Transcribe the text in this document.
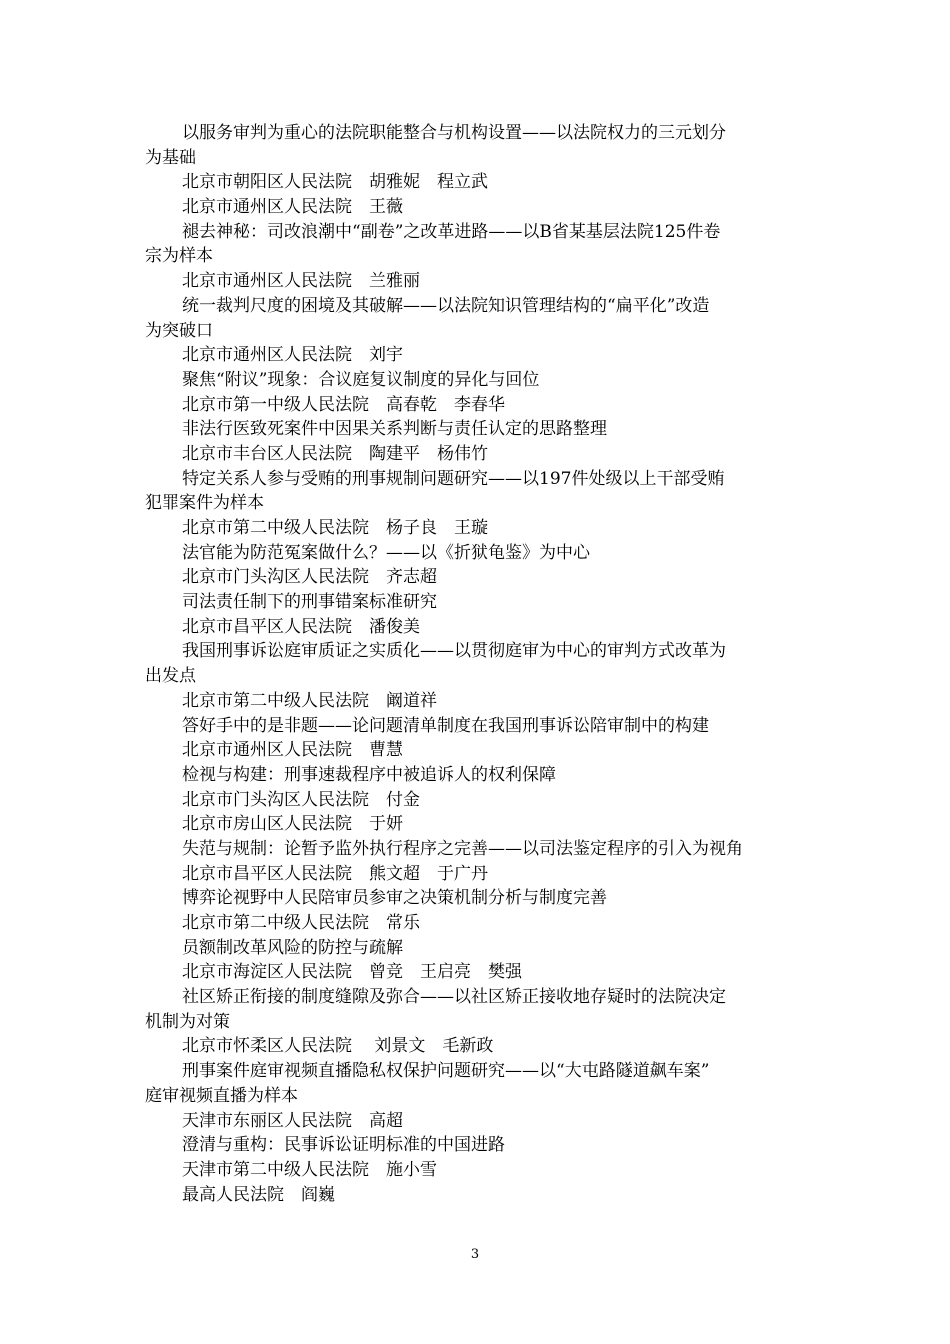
以服务审判为重心的法院职能整合与机构设置——以法院权力的三元划分
为基础
北京市朝阳区人民法院　胡雅妮　程立武
北京市通州区人民法院　王薇
褪去神秘：司改浪潮中“副卷”之改革进路——以B省某基层法院125件卷
宗为样本
北京市通州区人民法院　兰雅丽
统一裁判尺度的困境及其破解——以法院知识管理结构的“扁平化”改造
为突破口
北京市通州区人民法院　刘宇
聚焦“附议”现象：合议庭复议制度的异化与回位
北京市第一中级人民法院　高春乾　李春华
非法行医致死案件中因果关系判断与责任认定的思路整理
北京市丰台区人民法院　陶建平　杨伟竹
特定关系人参与受贿的刑事规制问题研究——以197件处级以上干部受贿
犯罪案件为样本
北京市第二中级人民法院　杨子良　王璇
法官能为防范冤案做什么？——以《折狱龟鉴》为中心
北京市门头沟区人民法院　齐志超
司法责任制下的刑事错案标准研究
北京市昌平区人民法院　潘俊美
我国刑事诉讼庭审质证之实质化——以贯彻庭审为中心的审判方式改革为
出发点
北京市第二中级人民法院　阚道祥
答好手中的是非题——论问题清单制度在我国刑事诉讼陪审制中的构建
北京市通州区人民法院　曹慧
检视与构建：刑事速裁程序中被追诉人的权利保障
北京市门头沟区人民法院　付金
北京市房山区人民法院　于妍
失范与规制：论暂予监外执行程序之完善——以司法鉴定程序的引入为视角
北京市昌平区人民法院　熊文超　于广丹
博弈论视野中人民陪审员参审之决策机制分析与制度完善
北京市第二中级人民法院　常乐
员额制改革风险的防控与疏解
北京市海淀区人民法院　曾竞　王启亮　樊强
社区矫正衔接的制度缝隙及弥合——以社区矫正接收地存疑时的法院决定
机制为对策
北京市怀柔区人民法院　 刘景文　毛新政
刑事案件庭审视频直播隐私权保护问题研究——以“大屯路隧道飙车案”
庭审视频直播为样本
天津市东丽区人民法院　高超
澄清与重构：民事诉讼证明标准的中国进路
天津市第二中级人民法院　施小雪
最高人民法院　阎巍
3
